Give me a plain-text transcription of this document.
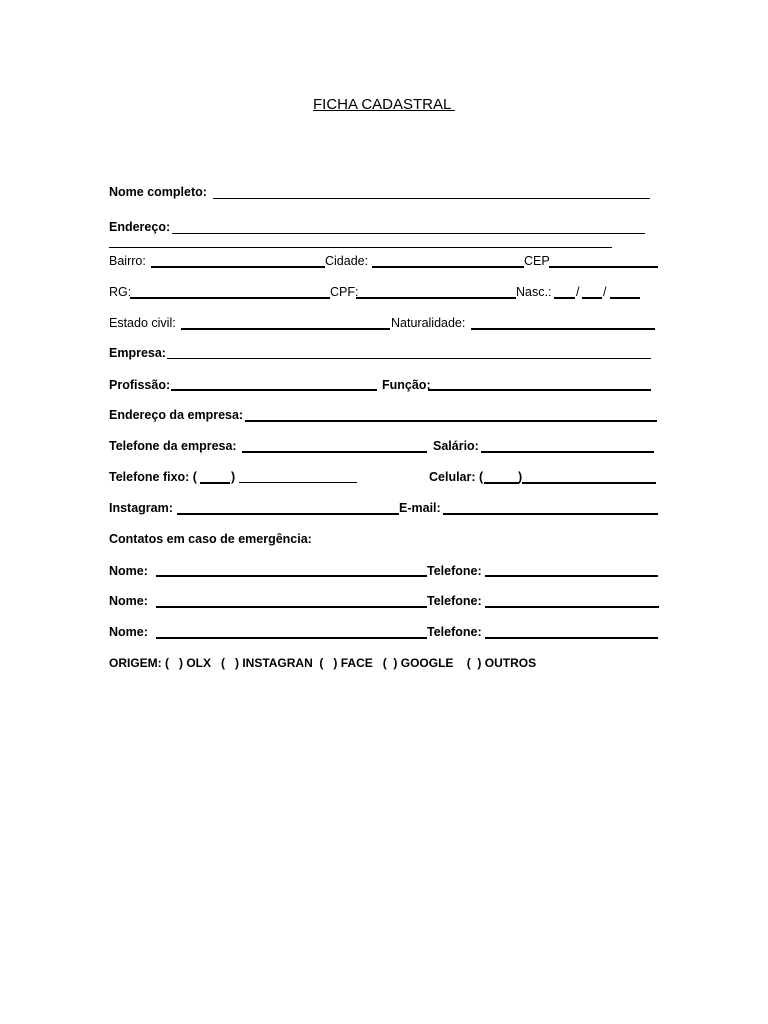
FICHA CADASTRAL
Nome completo:
Endereço:
Bairro:	Cidade:	CEP
RG:	CPF:	Nasc.: / /
Estado civil:	Naturalidade:
Empresa:
Profissão:	Função:
Endereço da empresa:
Telefone da empresa:	Salário:
Telefone fixo: (	)	Celular: (	)
Instagram:	E-mail:
Contatos em caso de emergência:
Nome:	Telefone:
Nome:	Telefone:
Nome:	Telefone:
ORIGEM: (   ) OLX   (   ) INSTAGRAN  (   ) FACE   (  ) GOOGLE    (  ) OUTROS
